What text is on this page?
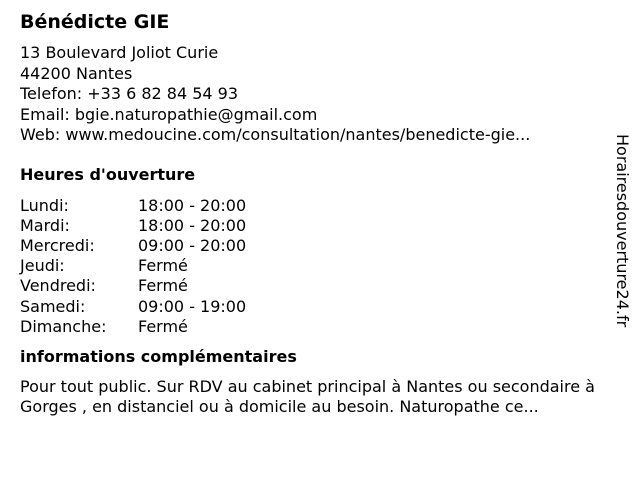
Bénédicte GIE
13 Boulevard Joliot Curie
44200 Nantes
Telefon: +33 6 82 84 54 93
Email: bgie.naturopathie@gmail.com
Web: www.medoucine.com/consultation/nantes/benedicte-gie...
Heures d'ouverture
Lundi:	18:00 - 20:00
Mardi:	18:00 - 20:00
Mercredi:	09:00 - 20:00
Jeudi:	Fermé
Vendredi:	Fermé
Samedi:	09:00 - 19:00
Dimanche:	Fermé
informations complémentaires
Pour tout public. Sur RDV au cabinet principal à Nantes ou secondaire à Gorges , en distanciel ou à domicile au besoin. Naturopathe ce...
Horairesdouverture24.fr
